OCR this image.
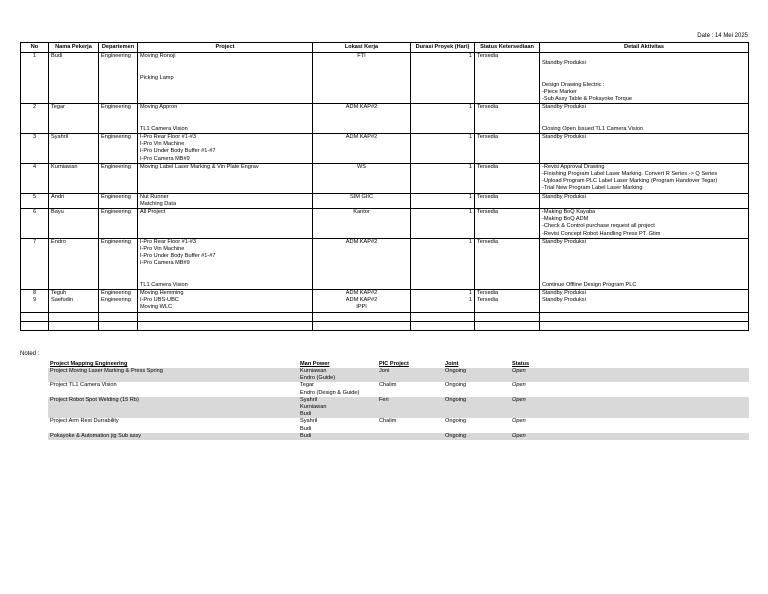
Date : 14 Mei 2025
No	Nama Pekerja	Departemen	Project	Lokasi Kerja	Durasi Proyek (Hari)	Status Ketersediaan	Detail Aktivitas
1	Budi	Engineering	Moving Ronoji
Picking Lamp	FTI	1	Tersedia	Standby Produksi
Design Drawing Electric :
-Piece Marker
-Sub Assy Table & Pokayoke Torque

2	Tegar	Engineering	Moving Appron
TL1 Camera Vision	ADM KAP#2	1	Tersedia	Standby Produksi
Closing Open Issued TL1 Camera Vision

3	Syahril	Engineering	I-Pro Rear Floor #1-#3
I-Pro Vin Machine
I-Pro Under Body Buffer #1-#7
I-Pro Camera MB#9	ADM KAP#2	1	Tersedia	Standby Produksi

4	Kurniawan	Engineering	Moving Label Laser Marking & Vin Plate Engrav	WS	1	Tersedia	-Revisi Approval Drawing
-Finishing Program Label Laser Marking. Convert R Series -> Q Series
-Upload Program PLC Label Laser Marking (Program Handover Tegar)
-Trial New Program Label Laser Marking

5	Andri	Engineering	Nut Runner
Matching Data	SIM GIIC	1	Tersedia	Standby Produksi

6	Bayu	Engineering	All Project	Kantor	1	Tersedia	-Making BoQ Kayaba
-Making BoQ ADM
-Check & Control purchase request all project
-Revisi Concept Robot Handling Press PT. Gtim

7	Endro	Engineering	I-Pro Rear Floor #1-#3
I-Pro Vin Machine
I-Pro Under Body Buffer #1-#7
I-Pro Camera MB#9
TL1 Camera Vision	ADM KAP#2	1	Tersedia	Standby Produksi
Continue Offline Design Program PLC

8	Teguh	Engineering	Moving Hemming	ADM KAP#2	1	Tersedia	Standby Produksi

9	Saefudin	Engineering	I-Pro UBS-UBC
Moving WLC	ADM KAP#2
IPPI	1	Tersedia	Standby Produksi

Noted :
Project Mapping Engineering	Man Power	PIC Project	Joint	Status
Project Moving Laser Marking & Press Spring	Kurniawan
Endro (Guide)	Joni	Ongoing	Open
Project TL1 Camera Vision	Tegar
Endro (Design & Guide)	Chalim	Ongoing	Open
Project Robot Spot Welding (15 Rb)	Syahril
Kurniawan
Budi	Feri	Ongoing	Open
Project Arm Rest Durrability	Syahril
Budi	Chalim	Ongoing	Open
Pokayoke & Automation jig Sub assy	Budi		Ongoing	Open
